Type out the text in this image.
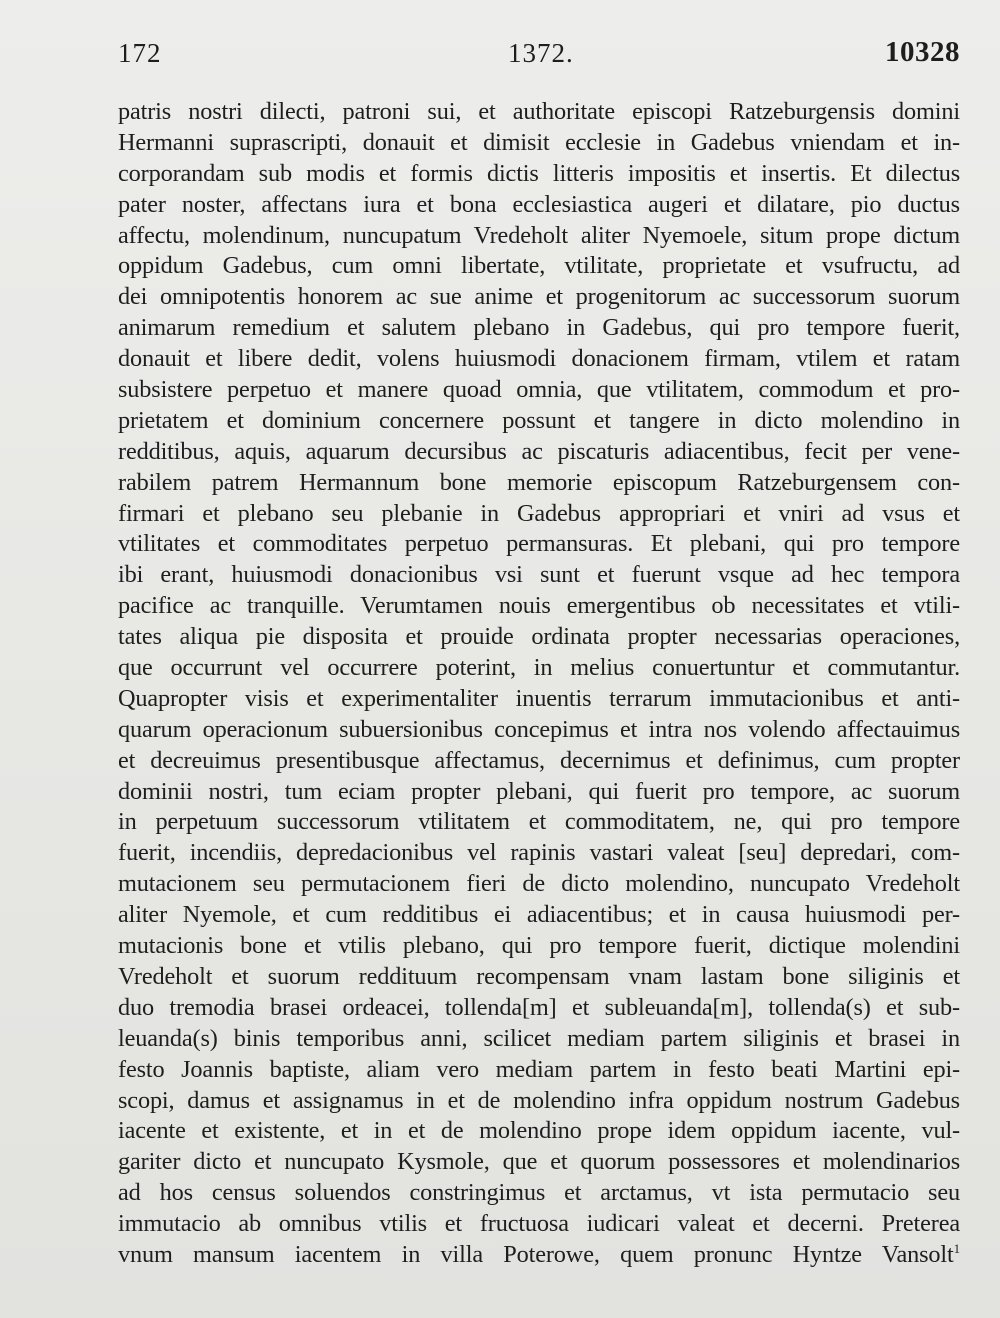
172	1372.	10328
patris nostri dilecti, patroni sui, et authoritate episcopi Ratzeburgensis domini
Hermanni suprascripti, donauit et dimisit ecclesie in Gadebus vniendam et in-
corporandam sub modis et formis dictis litteris impositis et insertis. Et dilectus
pater noster, affectans iura et bona ecclesiastica augeri et dilatare, pio ductus
affectu, molendinum, nuncupatum Vredeholt aliter Nyemoele, situm prope dictum
oppidum Gadebus, cum omni libertate, vtilitate, proprietate et vsufructu, ad
dei omnipotentis honorem ac sue anime et progenitorum ac successorum suorum
animarum remedium et salutem plebano in Gadebus, qui pro tempore fuerit,
donauit et libere dedit, volens huiusmodi donacionem firmam, vtilem et ratam
subsistere perpetuo et manere quoad omnia, que vtilitatem, commodum et pro-
prietatem et dominium concernere possunt et tangere in dicto molendino in
redditibus, aquis, aquarum decursibus ac piscaturis adiacentibus, fecit per vene-
rabilem patrem Hermannum bone memorie episcopum Ratzeburgensem con-
firmari et plebano seu plebanie in Gadebus appropriari et vniri ad vsus et
vtilitates et commoditates perpetuo permansuras. Et plebani, qui pro tempore
ibi erant, huiusmodi donacionibus vsi sunt et fuerunt vsque ad hec tempora
pacifice ac tranquille. Verumtamen nouis emergentibus ob necessitates et vtili-
tates aliqua pie disposita et prouide ordinata propter necessarias operaciones,
que occurrunt vel occurrere poterint, in melius conuertuntur et commutantur.
Quapropter visis et experimentaliter inuentis terrarum immutacionibus et anti-
quarum operacionum subuersionibus concepimus et intra nos volendo affectauimus
et decreuimus presentibusque affectamus, decernimus et definimus, cum propter
dominii nostri, tum eciam propter plebani, qui fuerit pro tempore, ac suorum
in perpetuum successorum vtilitatem et commoditatem, ne, qui pro tempore
fuerit, incendiis, depredacionibus vel rapinis vastari valeat [seu] depredari, com-
mutacionem seu permutacionem fieri de dicto molendino, nuncupato Vredeholt
aliter Nyemole, et cum redditibus ei adiacentibus; et in causa huiusmodi per-
mutacionis bone et vtilis plebano, qui pro tempore fuerit, dictique molendini
Vredeholt et suorum reddituum recompensam vnam lastam bone siliginis et
duo tremodia brasei ordeacei, tollenda[m] et subleuanda[m], tollenda(s) et sub-
leuanda(s) binis temporibus anni, scilicet mediam partem siliginis et brasei in
festo Joannis baptiste, aliam vero mediam partem in festo beati Martini epi-
scopi, damus et assignamus in et de molendino infra oppidum nostrum Gadebus
iacente et existente, et in et de molendino prope idem oppidum iacente, vul-
gariter dicto et nuncupato Kysmole, que et quorum possessores et molendinarios
ad hos census soluendos constringimus et arctamus, vt ista permutacio seu
immutacio ab omnibus vtilis et fructuosa iudicari valeat et decerni. Preterea
vnum mansum iacentem in villa Poterowe, quem pronunc Hyntze Vansolt$^1$
